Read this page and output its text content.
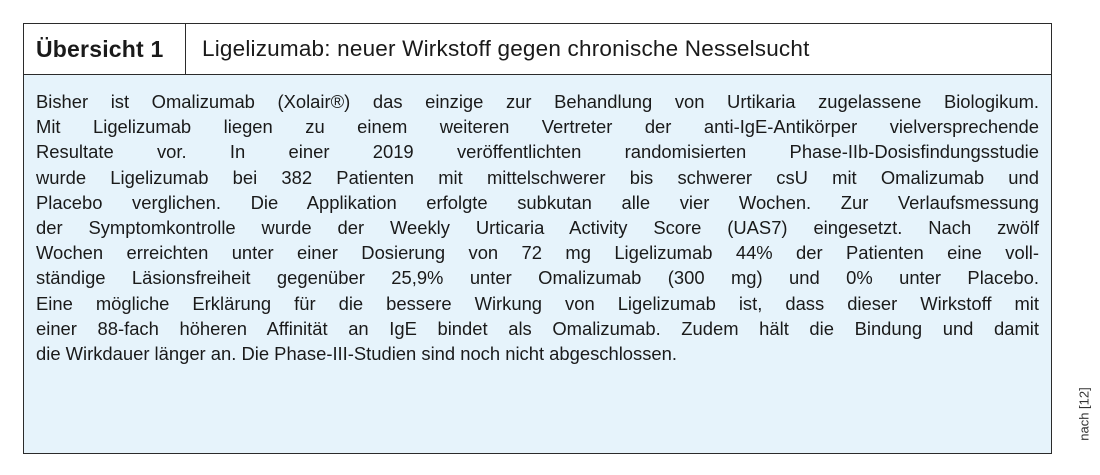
Übersicht 1	Ligelizumab: neuer Wirkstoff gegen chronische Nesselsucht
Bisher ist Omalizumab (Xolair®) das einzige zur Behandlung von Urtikaria zugelassene Biologikum.
Mit Ligelizumab liegen zu einem weiteren Vertreter der anti-IgE-Antikörper vielversprechende
Resultate vor. In einer 2019 veröffentlichten randomisierten Phase-IIb-Dosisfindungsstudie
wurde Ligelizumab bei 382 Patienten mit mittelschwerer bis schwerer csU mit Omalizumab und
Placebo verglichen. Die Applikation erfolgte subkutan alle vier Wochen. Zur Verlaufsmessung
der Symptomkontrolle wurde der Weekly Urticaria Activity Score (UAS7) eingesetzt. Nach zwölf
Wochen erreichten unter einer Dosierung von 72 mg Ligelizumab 44% der Patienten eine voll-
ständige Läsionsfreiheit gegenüber 25,9% unter Omalizumab (300 mg) und 0% unter Placebo.
Eine mögliche Erklärung für die bessere Wirkung von Ligelizumab ist, dass dieser Wirkstoff mit
einer 88-fach höheren Affinität an IgE bindet als Omalizumab. Zudem hält die Bindung und damit
die Wirkdauer länger an. Die Phase-III-Studien sind noch nicht abgeschlossen.
nach [12]
